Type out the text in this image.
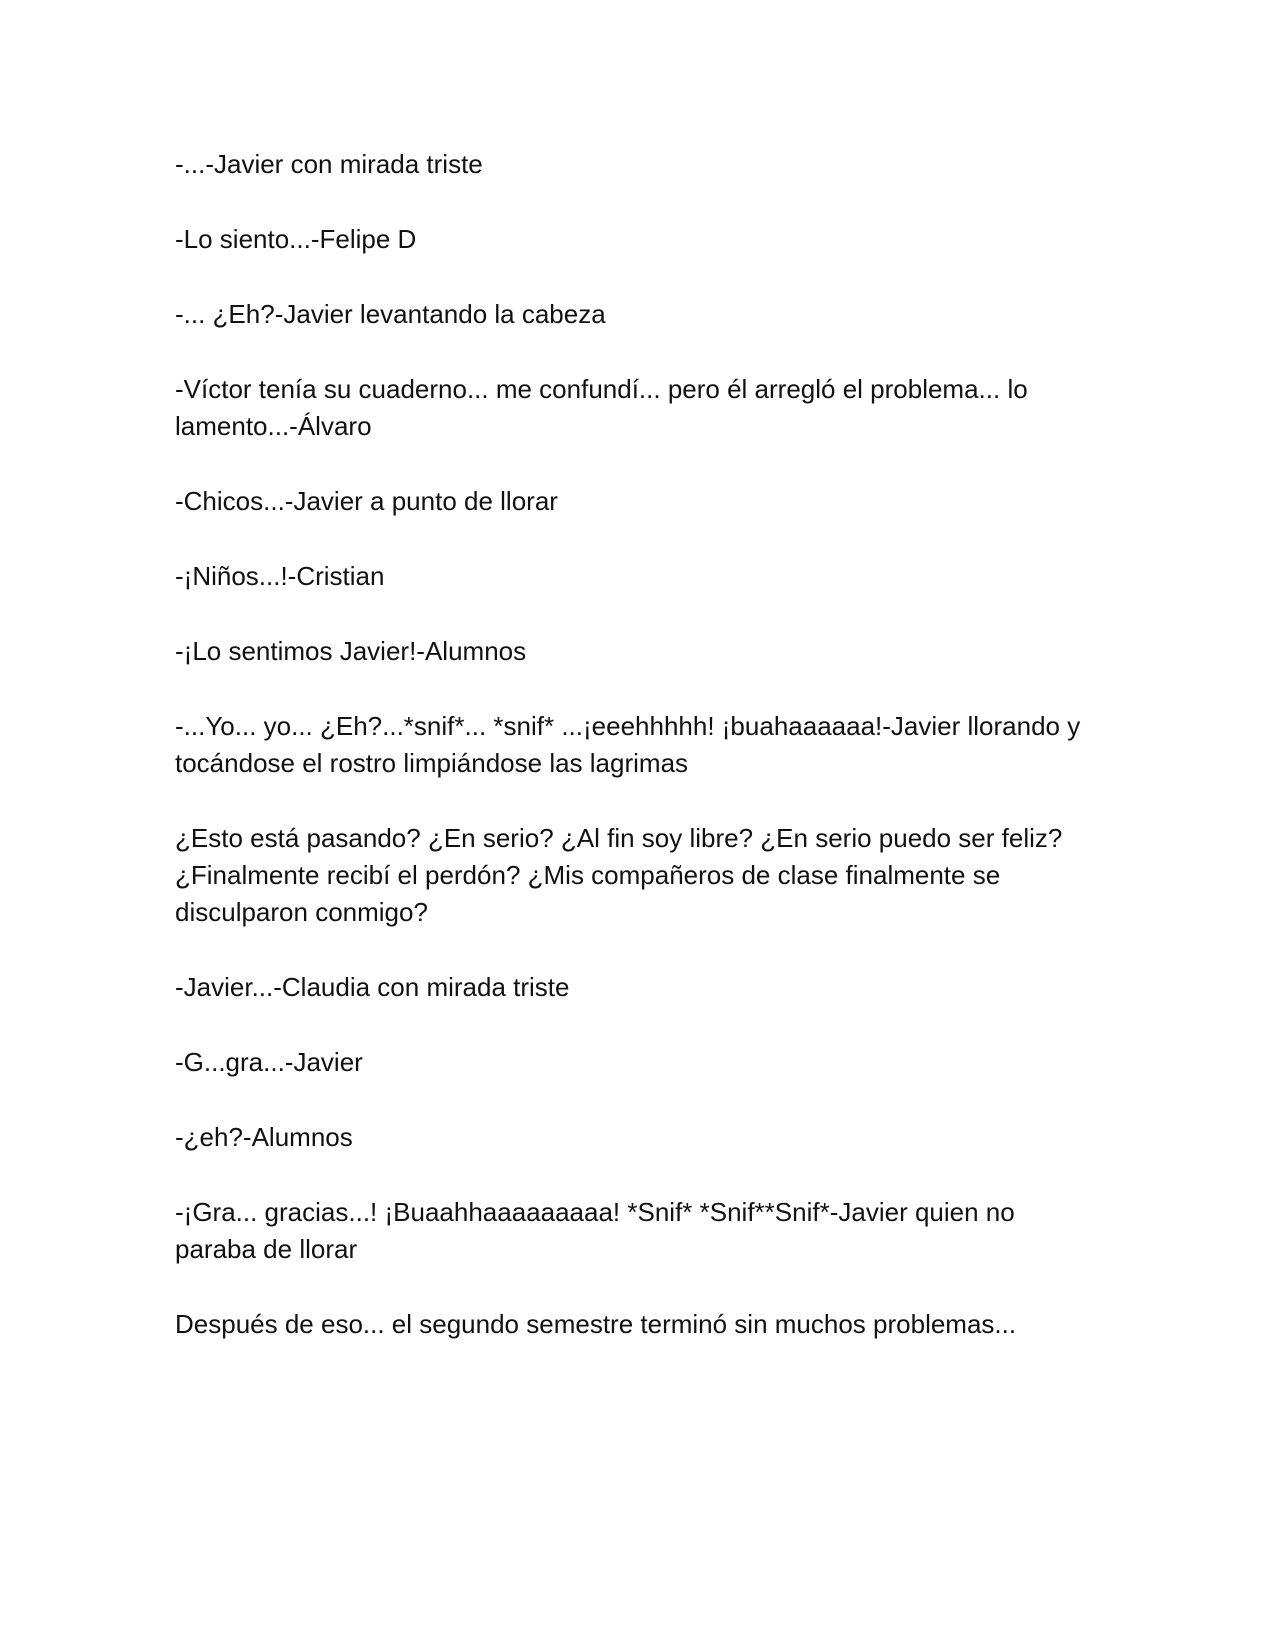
-...-Javier con mirada triste

-Lo siento...-Felipe D

-... ¿Eh?-Javier levantando la cabeza

-Víctor tenía su cuaderno... me confundí... pero él arregló el problema... lo lamento...-Álvaro

-Chicos...-Javier a punto de llorar

-¡Niños...!-Cristian

-¡Lo sentimos Javier!-Alumnos

-...Yo... yo... ¿Eh?...*snif*... *snif* ...¡eeehhhhh! ¡buahaaaaaa!-Javier llorando y tocándose el rostro limpiándose las lagrimas

¿Esto está pasando? ¿En serio? ¿Al fin soy libre? ¿En serio puedo ser feliz? ¿Finalmente recibí el perdón? ¿Mis compañeros de clase finalmente se disculparon conmigo?

-Javier...-Claudia con mirada triste

-G...gra...-Javier

-¿eh?-Alumnos

-¡Gra... gracias...! ¡Buaahhaaaaaaaaa! *Snif* *Snif**Snif*-Javier quien no paraba de llorar

Después de eso... el segundo semestre terminó sin muchos problemas...
